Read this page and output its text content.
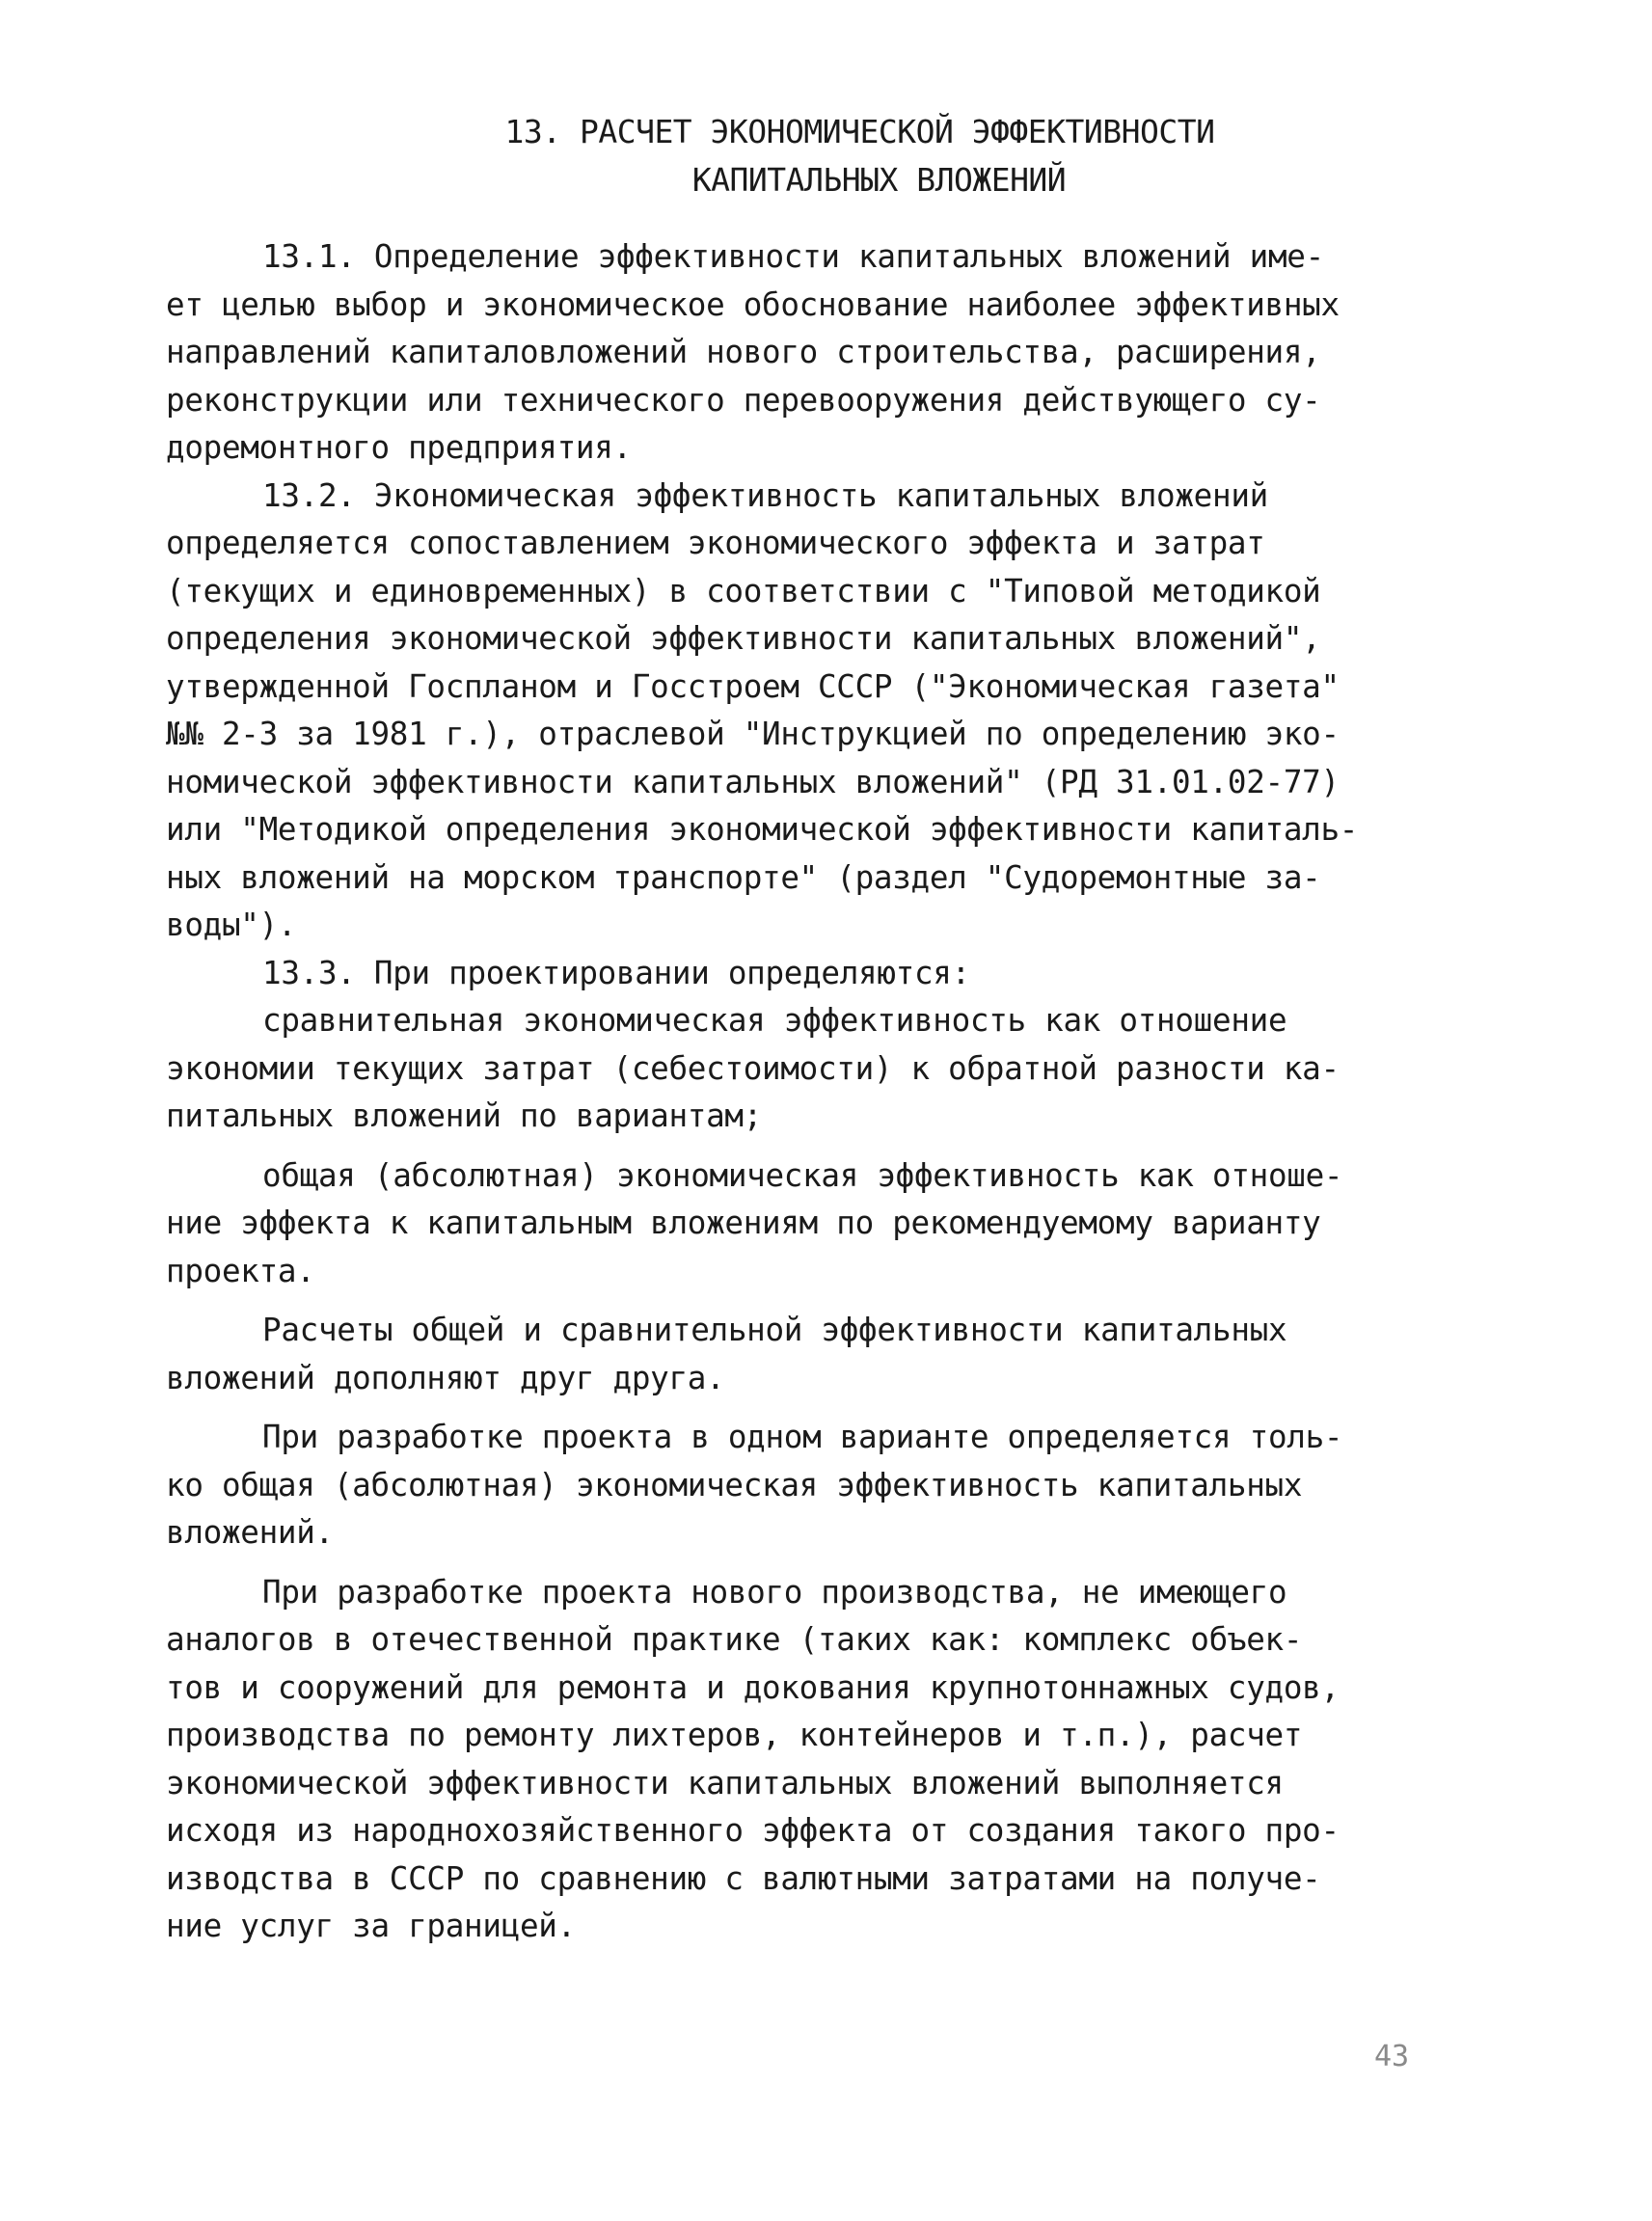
13. РАСЧЕТ ЭКОНОМИЧЕСКОЙ ЭФФЕКТИВНОСТИ
КАПИТАЛЬНЫХ ВЛОЖЕНИЙ
13.1. Определение эффективности капитальных вложений име-
ет целью выбор и экономическое обоснование наиболее эффективных
направлений капиталовложений нового строительства, расширения,
реконструкции или технического перевооружения действующего су-
доремонтного предприятия.
13.2. Экономическая эффективность капитальных вложений
определяется сопоставлением экономического эффекта и затрат
(текущих и единовременных) в соответствии с "Типовой методикой
определения экономической эффективности капитальных вложений",
утвержденной Госпланом и Госстроем СССР ("Экономическая газета"
№№ 2-3 за 1981 г.), отраслевой "Инструкцией по определению эко-
номической эффективности капитальных вложений" (РД 31.01.02-77)
или "Методикой определения экономической эффективности капиталь-
ных вложений на морском транспорте" (раздел "Судоремонтные за-
воды").
13.3. При проектировании определяются:
сравнительная экономическая эффективность как отношение
экономии текущих затрат (себестоимости) к обратной разности ка-
питальных вложений по вариантам;
общая (абсолютная) экономическая эффективность как отноше-
ние эффекта к капитальным вложениям по рекомендуемому варианту
проекта.
Расчеты общей и сравнительной эффективности капитальных
вложений дополняют друг друга.
При разработке проекта в одном варианте определяется толь-
ко общая (абсолютная) экономическая эффективность капитальных
вложений.
При разработке проекта нового производства, не имеющего
аналогов в отечественной практике (таких как: комплекс объек-
тов и сооружений для ремонта и докования крупнотоннажных судов,
производства по ремонту лихтеров, контейнеров и т.п.), расчет
экономической эффективности капитальных вложений выполняется
исходя из народнохозяйственного эффекта от создания такого про-
изводства в СССР по сравнению с валютными затратами на получе-
ние услуг за границей.
43
